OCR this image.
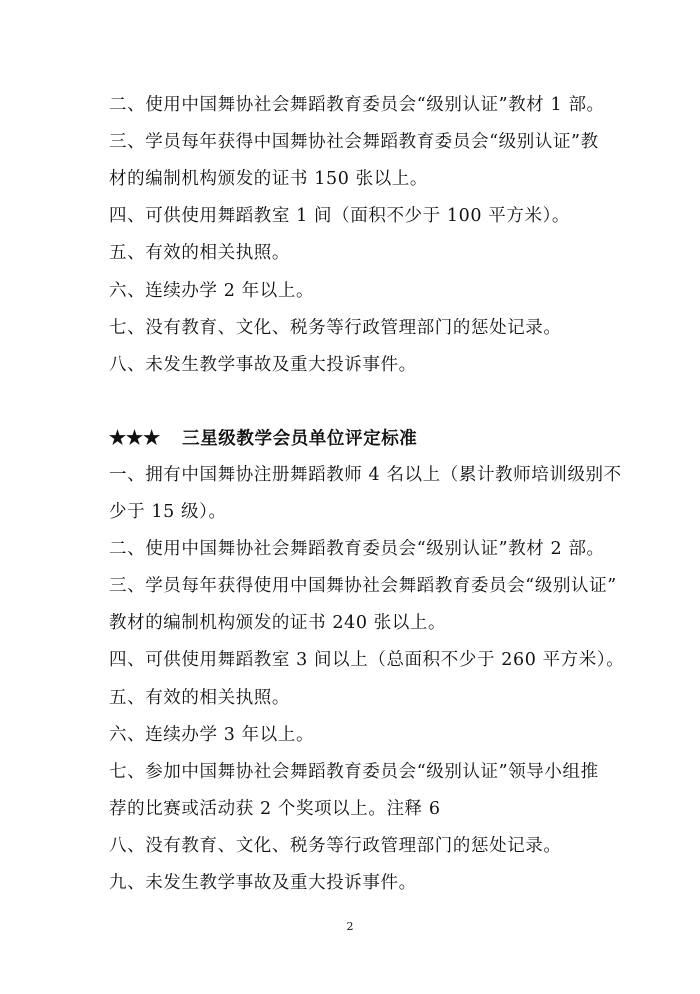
二、使用中国舞协社会舞蹈教育委员会“级别认证”教材 1 部。
三、学员每年获得中国舞协社会舞蹈教育委员会“级别认证”教
材的编制机构颁发的证书 150 张以上。
四、可供使用舞蹈教室 1 间（面积不少于 100 平方米）。
五、有效的相关执照。
六、连续办学 2 年以上。
七、没有教育、文化、税务等行政管理部门的惩处记录。
八、未发生教学事故及重大投诉事件。
★★★ 三星级教学会员单位评定标准
一、拥有中国舞协注册舞蹈教师 4 名以上（累计教师培训级别不
少于 15 级）。
二、使用中国舞协社会舞蹈教育委员会“级别认证”教材 2 部。
三、学员每年获得使用中国舞协社会舞蹈教育委员会“级别认证”
教材的编制机构颁发的证书 240 张以上。
四、可供使用舞蹈教室 3 间以上（总面积不少于 260 平方米）。
五、有效的相关执照。
六、连续办学 3 年以上。
七、参加中国舞协社会舞蹈教育委员会“级别认证”领导小组推
荐的比赛或活动获 2 个奖项以上。注释 6
八、没有教育、文化、税务等行政管理部门的惩处记录。
九、未发生教学事故及重大投诉事件。
2
